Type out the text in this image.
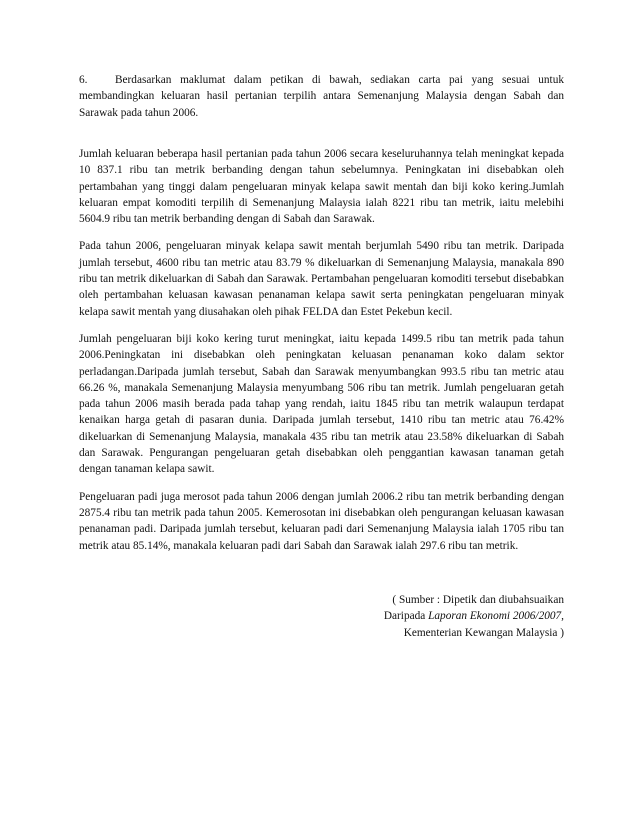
6. Berdasarkan maklumat dalam petikan di bawah, sediakan carta pai yang sesuai untuk membandingkan keluaran hasil pertanian terpilih antara Semenanjung Malaysia dengan Sabah dan Sarawak pada tahun 2006.

Jumlah keluaran beberapa hasil pertanian pada tahun 2006 secara keseluruhannya telah meningkat kepada 10 837.1 ribu tan metrik berbanding dengan tahun sebelumnya. Peningkatan ini disebabkan oleh pertambahan yang tinggi dalam pengeluaran minyak kelapa sawit mentah dan biji koko kering.Jumlah keluaran empat komoditi terpilih di Semenanjung Malaysia ialah 8221 ribu tan metrik, iaitu melebihi 5604.9 ribu tan metrik berbanding dengan di Sabah dan Sarawak.

Pada tahun 2006, pengeluaran minyak kelapa sawit mentah berjumlah 5490 ribu tan metrik. Daripada jumlah tersebut, 4600 ribu tan metric atau 83.79 % dikeluarkan di Semenanjung Malaysia, manakala 890 ribu tan metrik dikeluarkan di Sabah dan Sarawak. Pertambahan pengeluaran komoditi tersebut disebabkan oleh pertambahan keluasan kawasan penanaman kelapa sawit serta peningkatan pengeluaran minyak kelapa sawit mentah yang diusahakan oleh pihak FELDA dan Estet Pekebun kecil.

Jumlah pengeluaran biji koko kering turut meningkat, iaitu kepada 1499.5 ribu tan metrik pada tahun 2006.Peningkatan ini disebabkan oleh peningkatan keluasan penanaman koko dalam sektor perladangan.Daripada jumlah tersebut, Sabah dan Sarawak menyumbangkan 993.5 ribu tan metric atau 66.26 %, manakala Semenanjung Malaysia menyumbang 506 ribu tan metrik. Jumlah pengeluaran getah pada tahun 2006 masih berada pada tahap yang rendah, iaitu 1845 ribu tan metrik walaupun terdapat kenaikan harga getah di pasaran dunia. Daripada jumlah tersebut, 1410 ribu tan metric atau 76.42% dikeluarkan di Semenanjung Malaysia, manakala 435 ribu tan metrik atau 23.58% dikeluarkan di Sabah dan Sarawak. Pengurangan pengeluaran getah disebabkan oleh penggantian kawasan tanaman getah dengan tanaman kelapa sawit.

Pengeluaran padi juga merosot pada tahun 2006 dengan jumlah 2006.2 ribu tan metrik berbanding dengan 2875.4 ribu tan metrik pada tahun 2005. Kemerosotan ini disebabkan oleh pengurangan keluasan kawasan penanaman padi. Daripada jumlah tersebut, keluaran padi dari Semenanjung Malaysia ialah 1705 ribu tan metrik atau 85.14%, manakala keluaran padi dari Sabah dan Sarawak ialah 297.6 ribu tan metrik.

( Sumber : Dipetik dan diubahsuaikan
Daripada Laporan Ekonomi 2006/2007,
Kementerian Kewangan Malaysia )
